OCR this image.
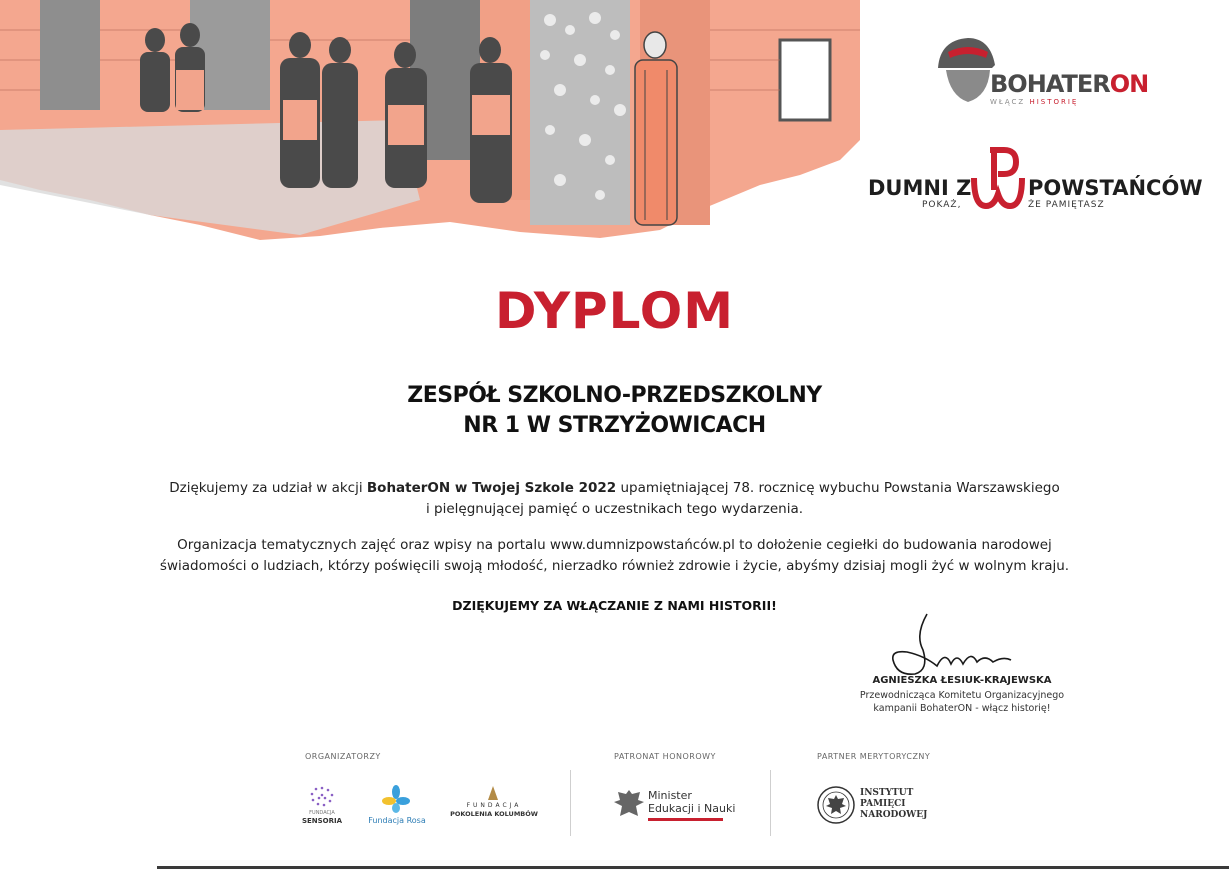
BOHATERON
WŁĄCZ HISTORIĘ
DUMNI Z	POWSTAŃCÓW
POKAŻ,	ŻE PAMIĘTASZ
DYPLOM
ZESPÓŁ SZKOLNO-PRZEDSZKOLNY
NR 1 W STRZYŻOWICACH
Dziękujemy za udział w akcji BohaterON w Twojej Szkole 2022 upamiętniającej 78. rocznicę wybuchu Powstania Warszawskiego
i pielęgnującej pamięć o uczestnikach tego wydarzenia.
Organizacja tematycznych zajęć oraz wpisy na portalu www.dumnizpowstańców.pl to dołożenie cegiełki do budowania narodowej
świadomości o ludziach, którzy poświęcili swoją młodość, nierzadko również zdrowie i życie, abyśmy dzisiaj mogli żyć w wolnym kraju.
DZIĘKUJEMY ZA WŁĄCZANIE Z NAMI HISTORII!
AGNIESZKA ŁESIUK-KRAJEWSKA
Przewodnicząca Komitetu Organizacyjnego
kampanii BohaterON - włącz historię!
ORGANIZATORZY	PATRONAT HONOROWY	PARTNER MERYTORYCZNY
FUNDACJA
SENSORIA	Fundacja Rosa
FUNDACJA
POKOLENIA KOLUMBÓW
Minister
Edukacji i Nauki
INSTYTUT
PAMIĘCI
NARODOWEJ
